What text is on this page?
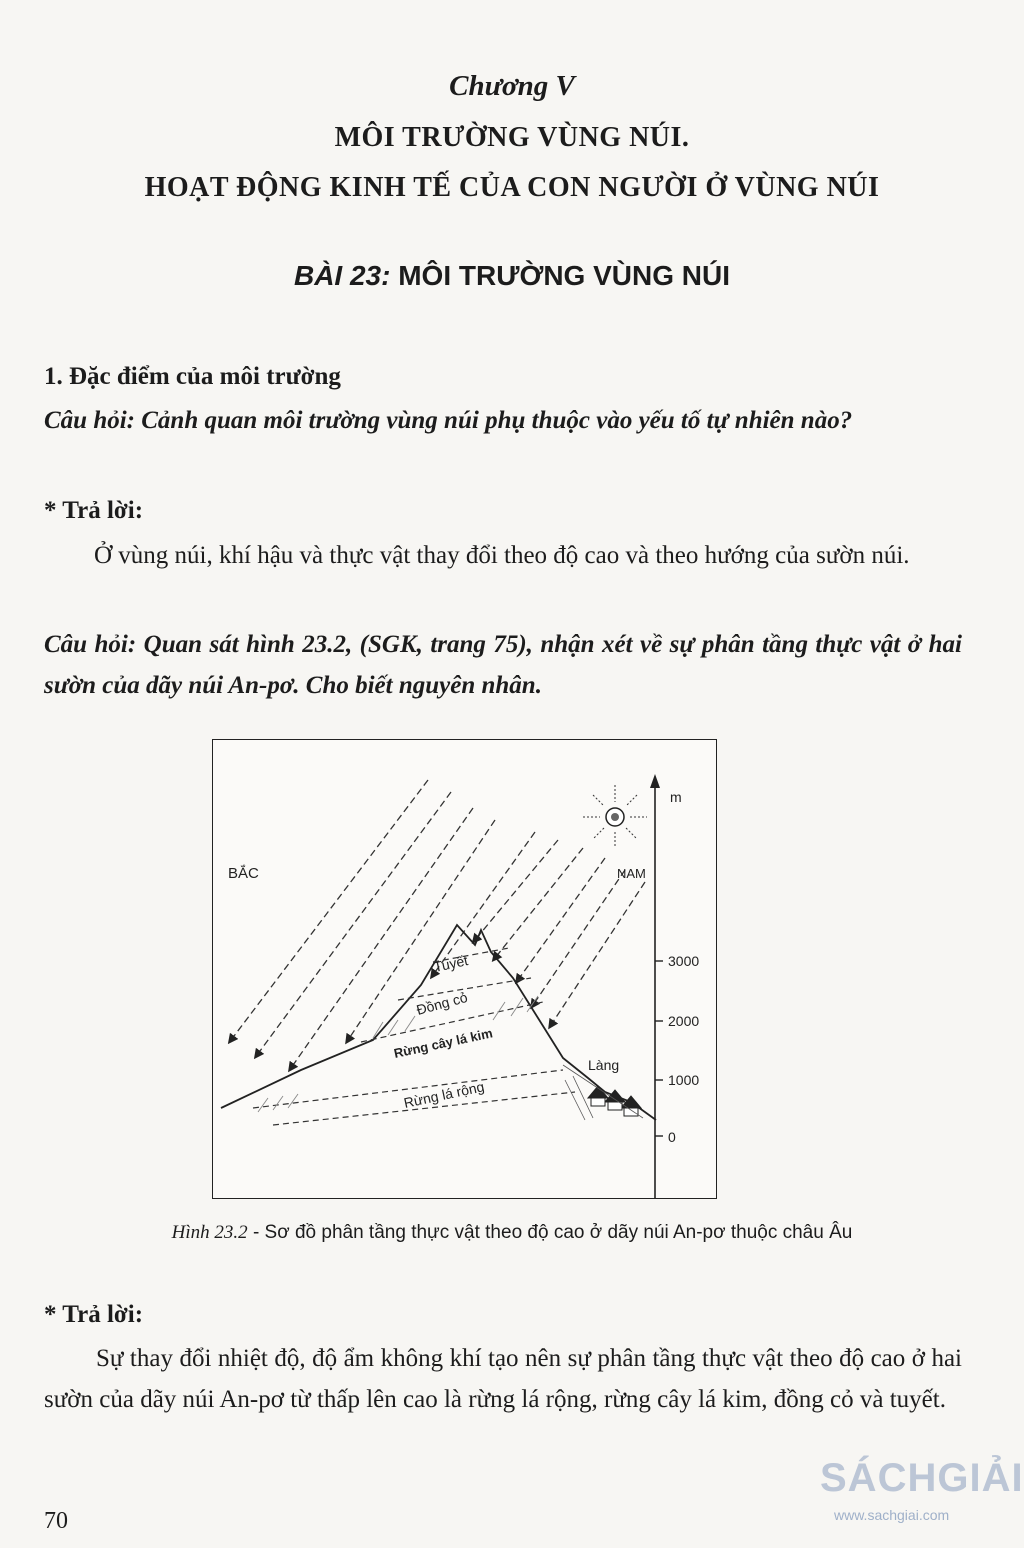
Chương V
MÔI TRƯỜNG VÙNG NÚI.
HOẠT ĐỘNG KINH TẾ CỦA CON NGƯỜI Ở VÙNG NÚI
BÀI 23: MÔI TRƯỜNG VÙNG NÚI
1. Đặc điểm của môi trường
Câu hỏi: Cảnh quan môi trường vùng núi phụ thuộc vào yếu tố tự nhiên nào?
* Trả lời:
Ở vùng núi, khí hậu và thực vật thay đổi theo độ cao và theo hướng của sườn núi.
Câu hỏi: Quan sát hình 23.2, (SGK, trang 75), nhận xét về sự phân tầng thực vật ở hai sườn của dãy núi An-pơ. Cho biết nguyên nhân.
m
3000
2000
1000
0
BẮC	NAM
Tuyết
Đồng cỏ
Rừng cây lá kim
Rừng lá rộng
Làng
Hình 23.2 - Sơ đồ phân tầng thực vật theo độ cao ở dãy núi An-pơ thuộc châu Âu
* Trả lời:
Sự thay đổi nhiệt độ, độ ẩm không khí tạo nên sự phân tầng thực vật theo độ cao ở hai sườn của dãy núi An-pơ từ thấp lên cao là rừng lá rộng, rừng cây lá kim, đồng cỏ và tuyết.
70
SÁCHGIẢI
www.sachgiai.com
